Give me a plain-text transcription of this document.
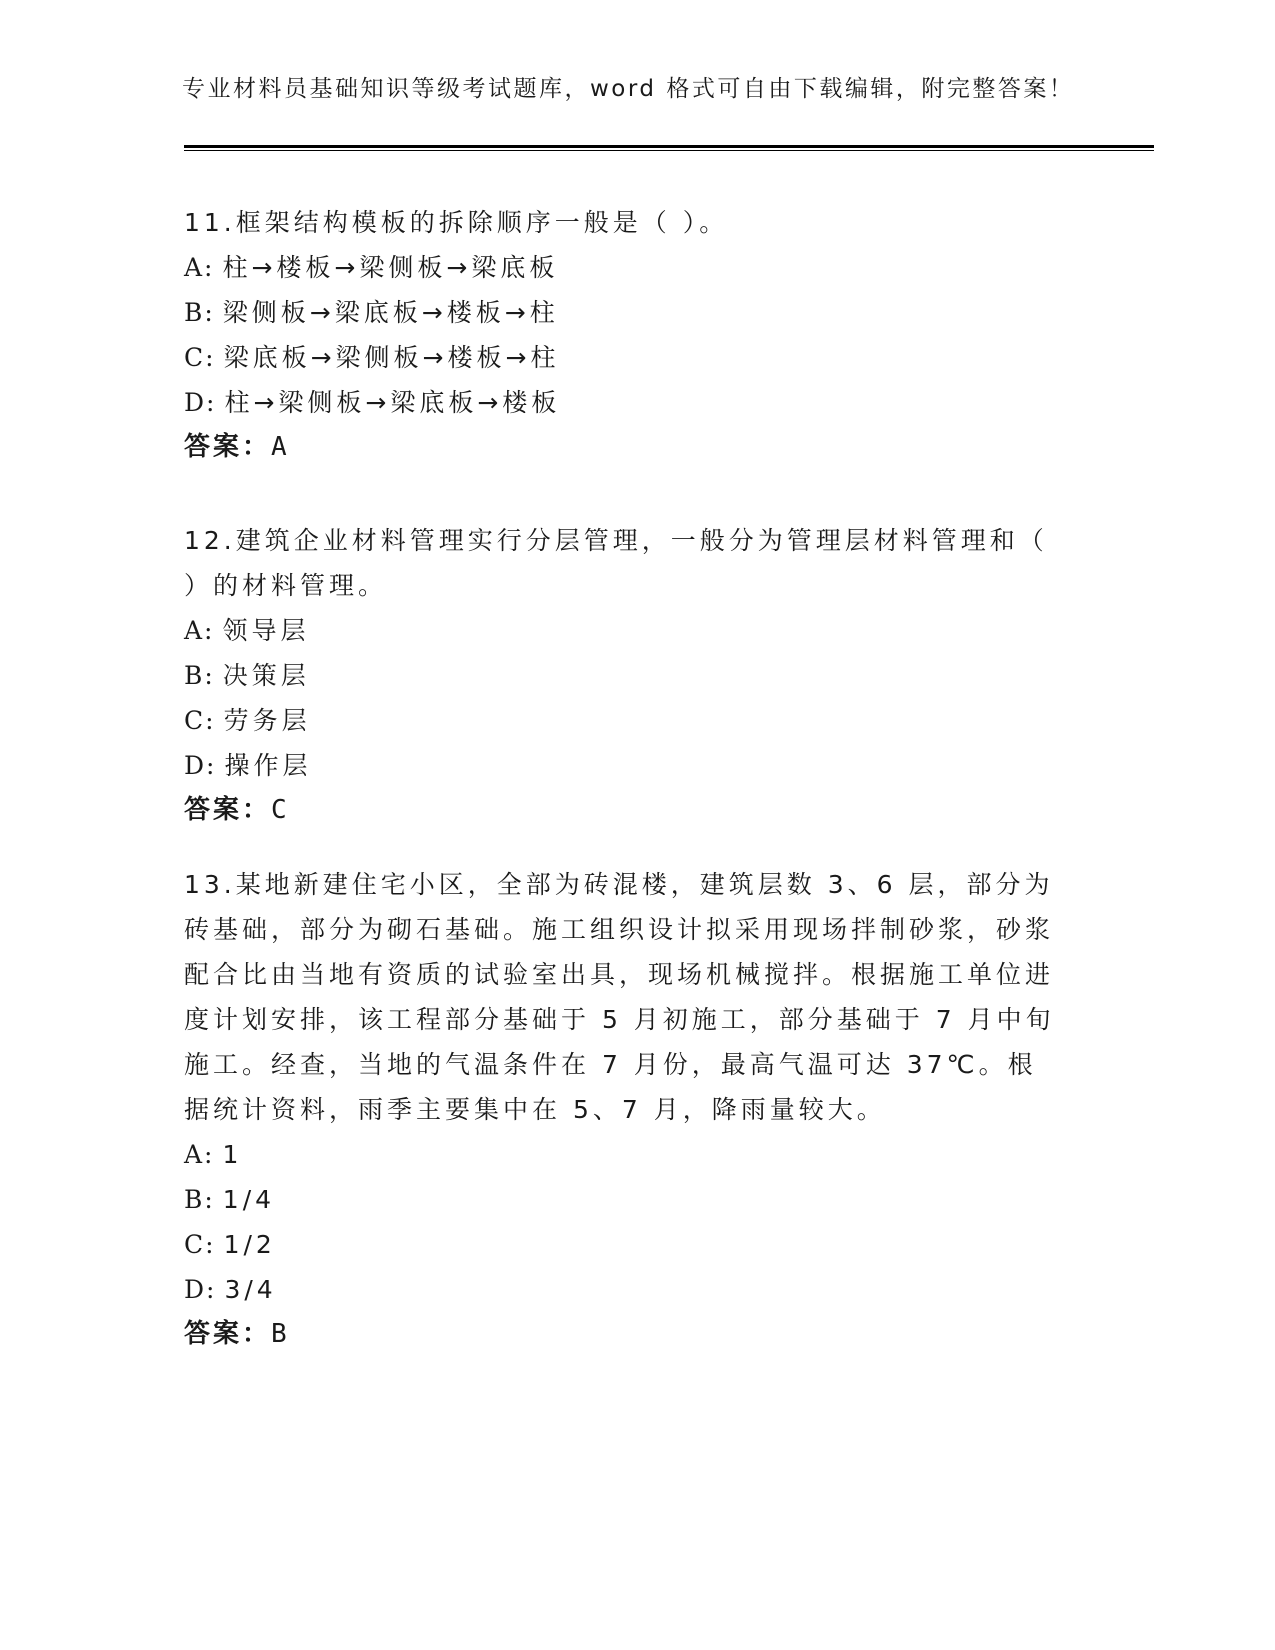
专业材料员基础知识等级考试题库，word 格式可自由下载编辑，附完整答案！

11.框架结构模板的拆除顺序一般是（ ）。

A: 柱→楼板→梁侧板→梁底板
B: 梁侧板→梁底板→楼板→柱
C: 梁底板→梁侧板→楼板→柱
D: 柱→梁侧板→梁底板→楼板
答案：A

12.建筑企业材料管理实行分层管理，一般分为管理层材料管理和（ ）的材料管理。

A: 领导层
B: 决策层
C: 劳务层
D: 操作层
答案：C

13.某地新建住宅小区，全部为砖混楼，建筑层数 3、6 层，部分为砖基础，部分为砌石基础。施工组织设计拟采用现场拌制砂浆，砂浆配合比由当地有资质的试验室出具，现场机械搅拌。根据施工单位进度计划安排，该工程部分基础于 5 月初施工，部分基础于 7 月中旬施工。经查，当地的气温条件在 7 月份，最高气温可达 37℃。根据统计资料，雨季主要集中在 5、7 月，降雨量较大。

A: 1
B: 1/4
C: 1/2
D: 3/4
答案：B
